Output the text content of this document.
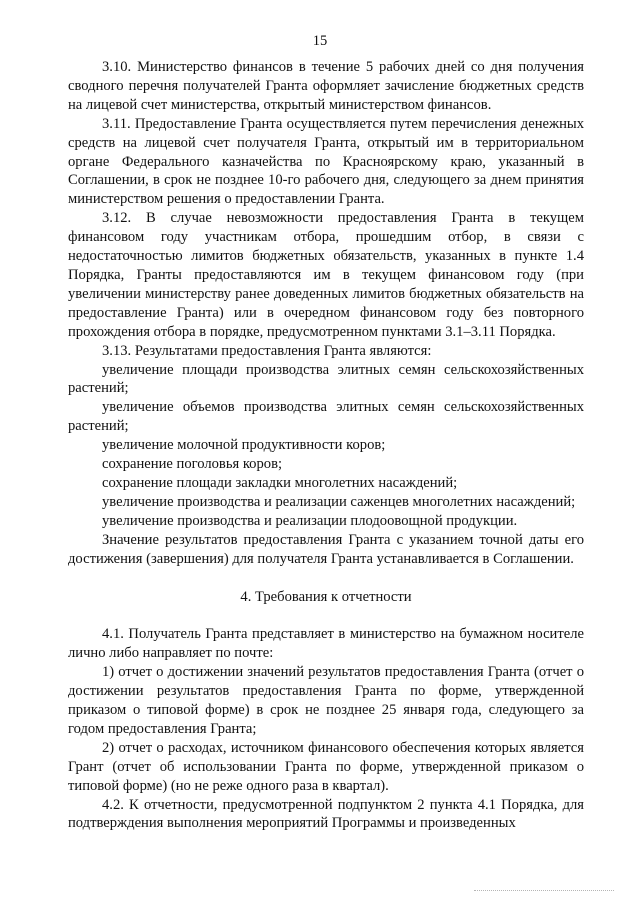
15

3.10. Министерство финансов в течение 5 рабочих дней со дня получения сводного перечня получателей Гранта оформляет зачисление бюджетных средств на лицевой счет министерства, открытый министерством финансов.

3.11. Предоставление Гранта осуществляется путем перечисления денежных средств на лицевой счет получателя Гранта, открытый им в территориальном органе Федерального казначейства по Красноярскому краю, указанный в Соглашении, в срок не позднее 10-го рабочего дня, следующего за днем принятия министерством решения о предоставлении Гранта.

3.12. В случае невозможности предоставления Гранта в текущем финансовом году участникам отбора, прошедшим отбор, в связи с недостаточностью лимитов бюджетных обязательств, указанных в пункте 1.4 Порядка, Гранты предоставляются им в текущем финансовом году (при увеличении министерству ранее доведенных лимитов бюджетных обязательств на предоставление Гранта) или в очередном финансовом году без повторного прохождения отбора в порядке, предусмотренном пунктами 3.1–3.11 Порядка.

3.13. Результатами предоставления Гранта являются:

увеличение площади производства элитных семян сельскохозяйственных растений;

увеличение объемов производства элитных семян сельскохозяйственных растений;

увеличение молочной продуктивности коров;

сохранение поголовья коров;

сохранение площади закладки многолетних насаждений;

увеличение производства и реализации саженцев многолетних насаждений;

увеличение производства и реализации плодоовощной продукции.

Значение результатов предоставления Гранта с указанием точной даты его достижения (завершения) для получателя Гранта устанавливается в Соглашении.

4. Требования к отчетности

4.1. Получатель Гранта представляет в министерство на бумажном носителе лично либо направляет по почте:

1) отчет о достижении значений результатов предоставления Гранта (отчет о достижении результатов предоставления Гранта по форме, утвержденной приказом о типовой форме) в срок не позднее 25 января года, следующего за годом предоставления Гранта;

2) отчет о расходах, источником финансового обеспечения которых является Грант (отчет об использовании Гранта по форме, утвержденной приказом о типовой форме) (но не реже одного раза в квартал).

4.2. К отчетности, предусмотренной подпунктом 2 пункта 4.1 Порядка, для подтверждения выполнения мероприятий Программы и произведенных
